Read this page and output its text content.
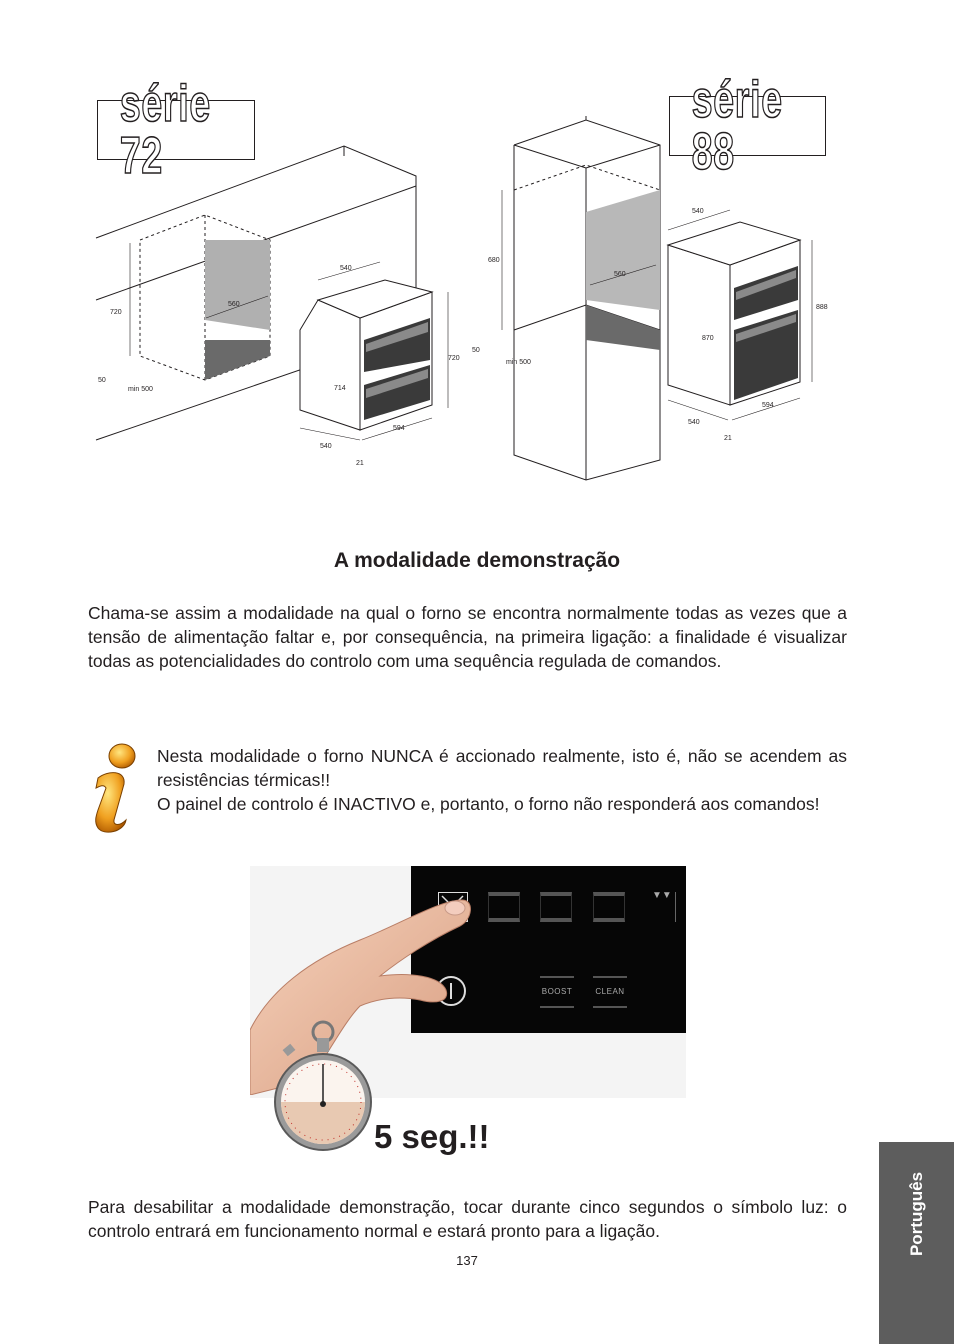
série 72
série 88
720
560
540
50
min 500
720
714
540
594
21
680
560
50
min 500
540
888
870
540
594
21
A modalidade demonstração

Chama-se assim a modalidade na qual o forno se encontra normalmente todas as vezes que a tensão de alimentação faltar e, por consequência, na primeira ligação: a finalidade é visualizar todas as potencialidades do controlo com uma sequência regulada de comandos.

Nesta modalidade o forno NUNCA é accionado realmente, isto é, não se acendem as resistências térmicas!!

O painel de controlo é INACTIVO e, portanto, o forno não responderá aos comandos!

▼▼
BOOST	CLEAN
5 seg.!!

Para desabilitar a modalidade demonstração, tocar durante cinco segundos o símbolo luz: o controlo entrará em funcionamento normal e estará pronto para a ligação.

137
Português
